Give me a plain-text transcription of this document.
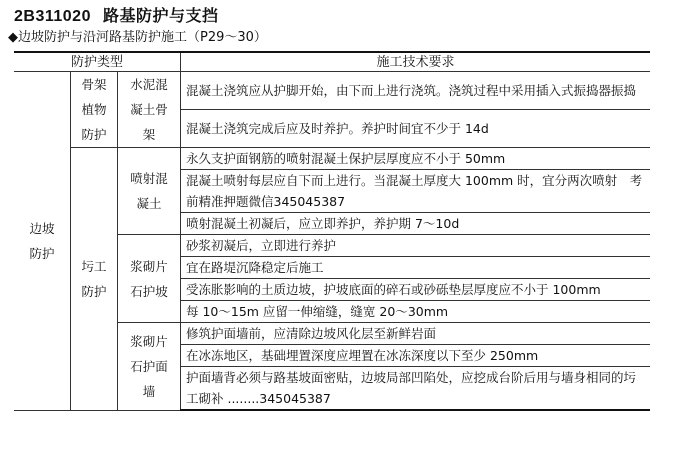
2B311020 路基防护与支挡
◆边坡防护与沿河路基防护施工（P29～30）
防护类型			施工技术要求
边坡防护	骨架植物防护	水泥混凝土骨架	混凝土浇筑应从护脚开始，由下而上进行浇筑。浇筑过程中采用插入式振捣器振捣
			混凝土浇筑完成后应及时养护。养护时间宜不少于 14d
	圬工防护	喷射混凝土	永久支护面钢筋的喷射混凝土保护层厚度应不小于 50mm
			混凝土喷射每层应自下而上进行。当混凝土厚度大 100mm 时，宜分两次喷射　考前精准押题微信345045387
			喷射混凝土初凝后，应立即养护，养护期 7～10d
		浆砌片石护坡	砂浆初凝后，立即进行养护
			宜在路堤沉降稳定后施工
			受冻胀影响的土质边坡，护坡底面的碎石或砂砾垫层厚度应不小于 100mm
			每 10～15m 应留一伸缩缝，缝宽 20～30mm
		浆砌片石护面墙	修筑护面墙前，应清除边坡风化层至新鲜岩面
			在冰冻地区，基础埋置深度应埋置在冰冻深度以下至少 250mm
			护面墙背必须与路基坡面密贴，边坡局部凹陷处，应挖成台阶后用与墙身相同的圬工砌补 ........345045387
